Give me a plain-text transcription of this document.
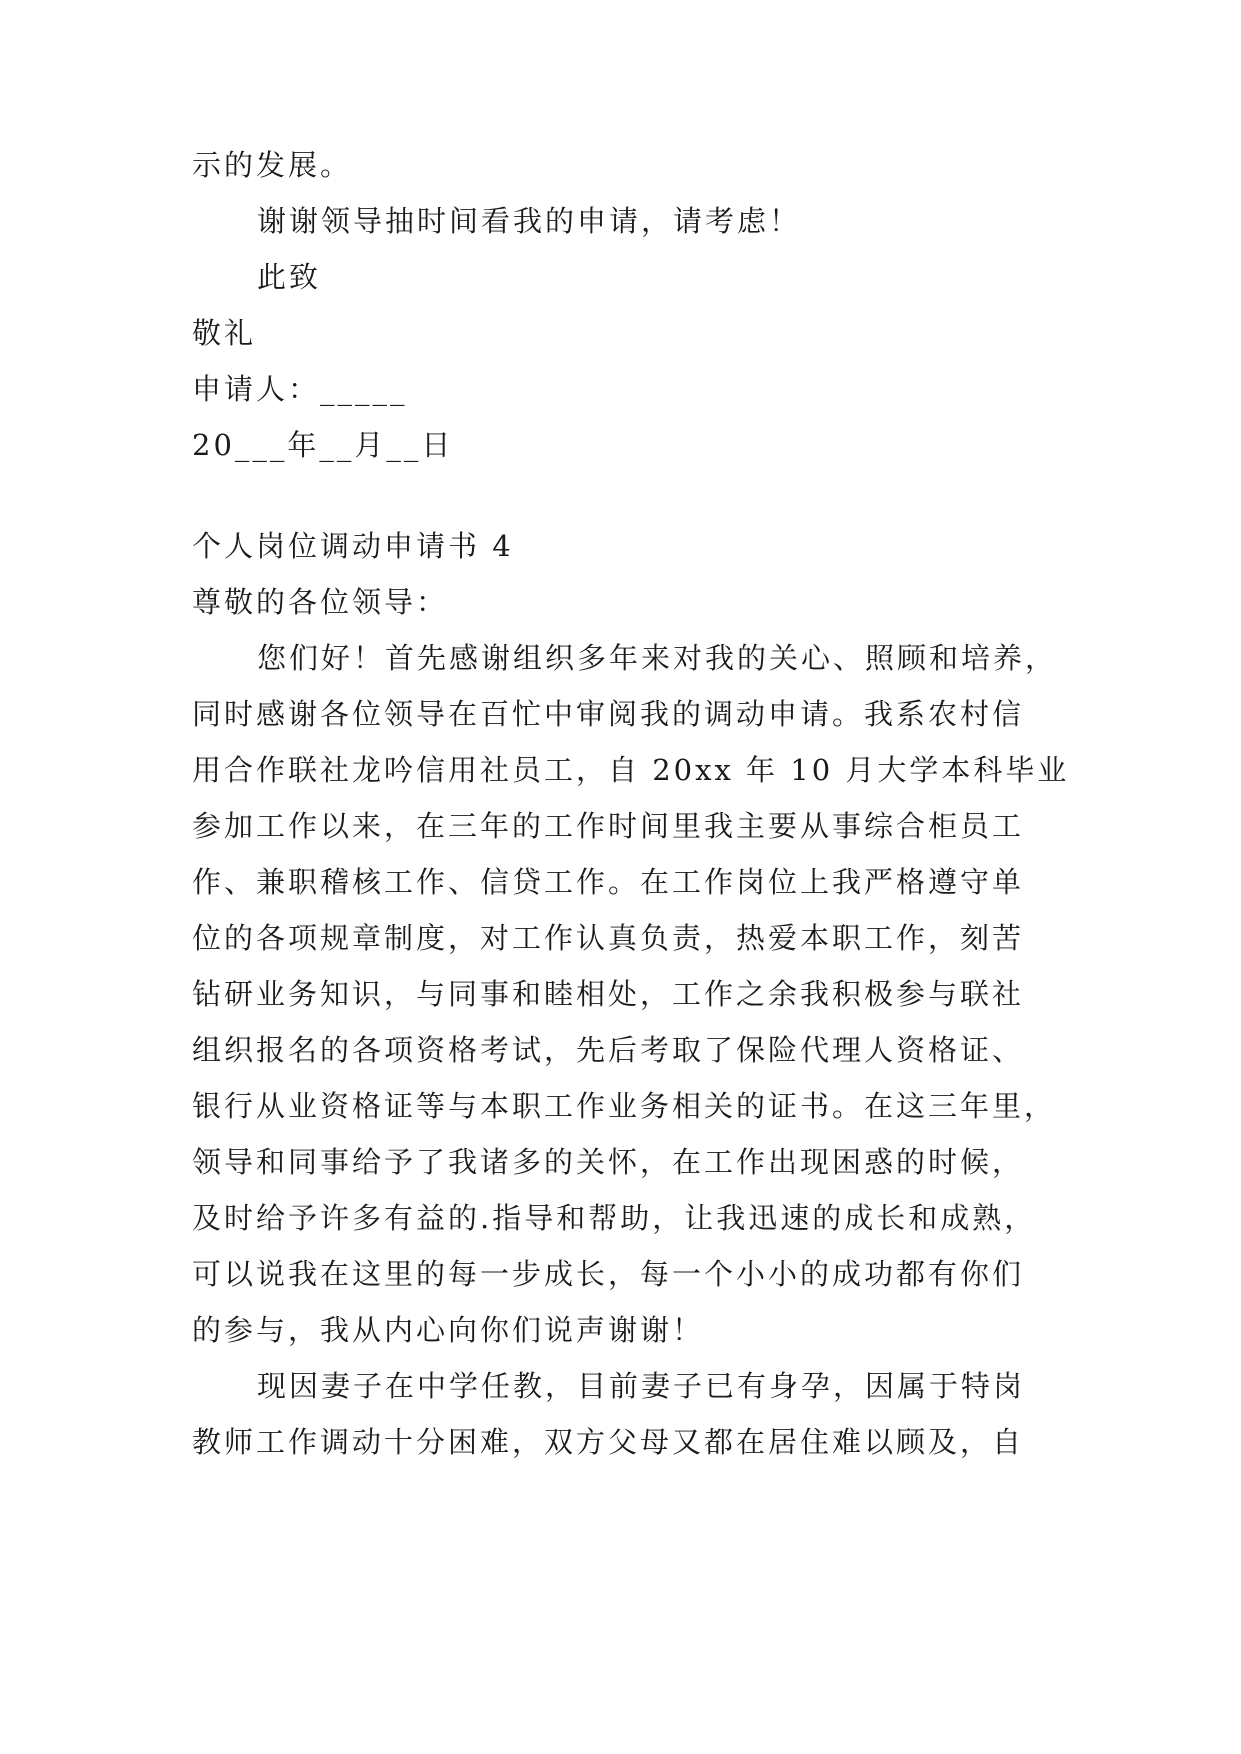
示的发展。
谢谢领导抽时间看我的申请，请考虑！
此致
敬礼
申请人：_____
20___年__月__日
个人岗位调动申请书 4
尊敬的各位领导：
您们好！首先感谢组织多年来对我的关心、照顾和培养，
同时感谢各位领导在百忙中审阅我的调动申请。我系农村信
用合作联社龙吟信用社员工，自 20xx 年 10 月大学本科毕业
参加工作以来，在三年的工作时间里我主要从事综合柜员工
作、兼职稽核工作、信贷工作。在工作岗位上我严格遵守单
位的各项规章制度，对工作认真负责，热爱本职工作，刻苦
钻研业务知识，与同事和睦相处，工作之余我积极参与联社
组织报名的各项资格考试，先后考取了保险代理人资格证、
银行从业资格证等与本职工作业务相关的证书。在这三年里，
领导和同事给予了我诸多的关怀，在工作出现困惑的时候，
及时给予许多有益的.指导和帮助，让我迅速的成长和成熟，
可以说我在这里的每一步成长，每一个小小的成功都有你们
的参与，我从内心向你们说声谢谢！
现因妻子在中学任教，目前妻子已有身孕，因属于特岗
教师工作调动十分困难，双方父母又都在居住难以顾及，自
